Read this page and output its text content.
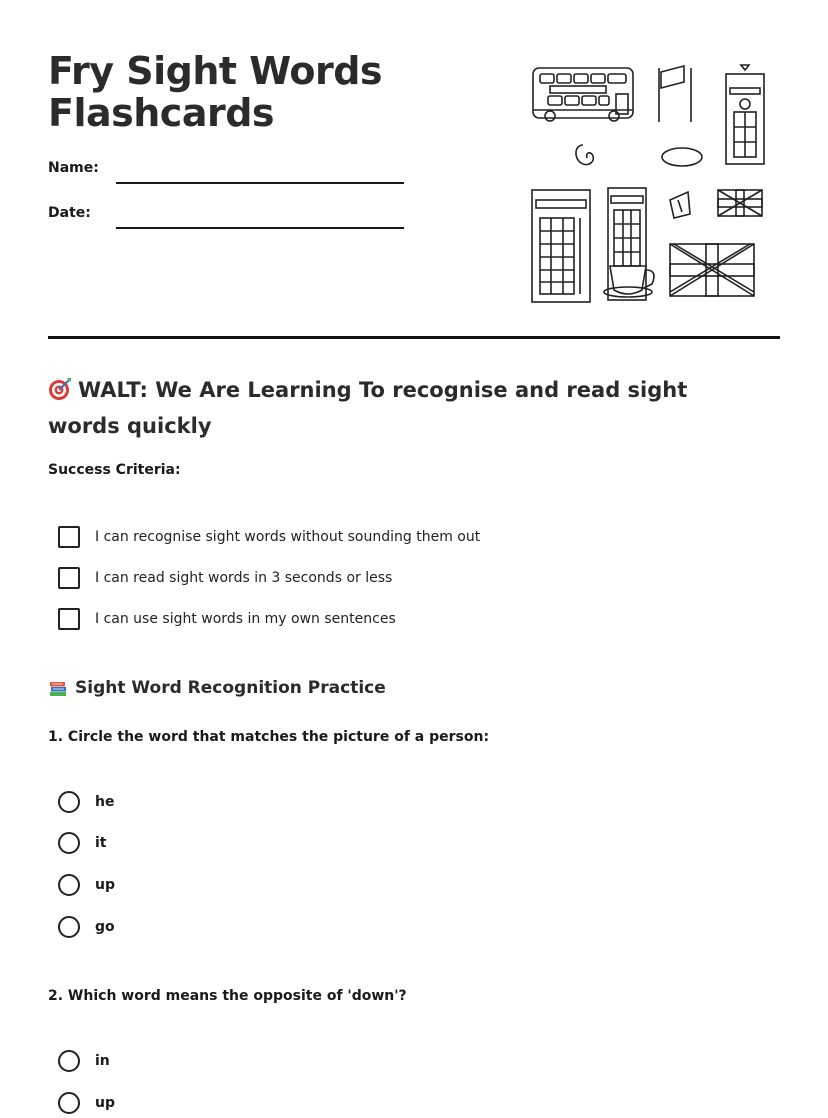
Fry Sight Words
Flashcards
Name:
Date:
WALT: We Are Learning To recognise and read sight words quickly
Success Criteria:
I can recognise sight words without sounding them out
I can read sight words in 3 seconds or less
I can use sight words in my own sentences
Sight Word Recognition Practice
1. Circle the word that matches the picture of a person:
he
it
up
go
2. Which word means the opposite of 'down'?
in
up
